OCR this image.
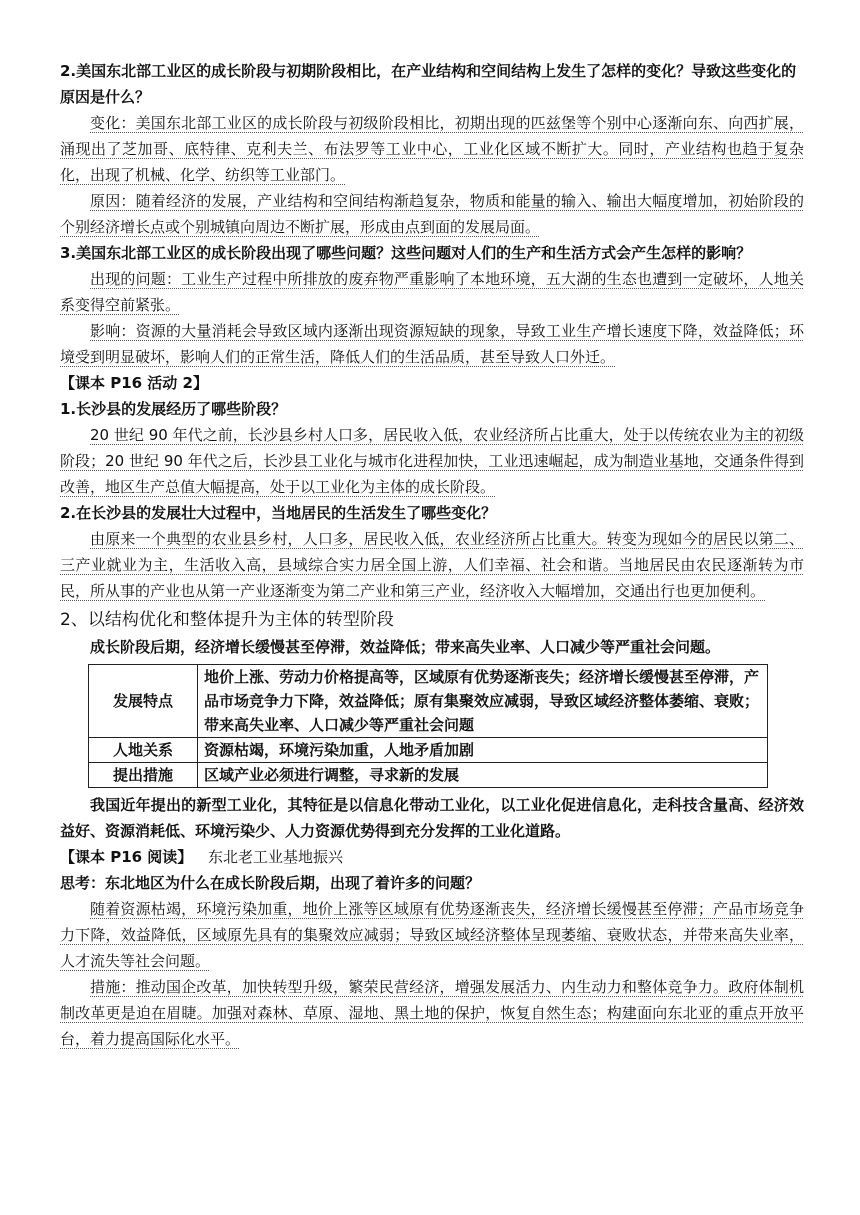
2.美国东北部工业区的成长阶段与初期阶段相比，在产业结构和空间结构上发生了怎样的变化？导致这些变化的原因是什么？

变化：美国东北部工业区的成长阶段与初级阶段相比，初期出现的匹兹堡等个别中心逐渐向东、向西扩展，涌现出了芝加哥、底特律、克利夫兰、布法罗等工业中心，工业化区域不断扩大。同时，产业结构也趋于复杂化，出现了机械、化学、纺织等工业部门。

原因：随着经济的发展，产业结构和空间结构渐趋复杂，物质和能量的输入、输出大幅度增加，初始阶段的个别经济增长点或个别城镇向周边不断扩展，形成由点到面的发展局面。

3.美国东北部工业区的成长阶段出现了哪些问题？这些问题对人们的生产和生活方式会产生怎样的影响？

出现的问题：工业生产过程中所排放的废弃物严重影响了本地环境，五大湖的生态也遭到一定破坏，人地关系变得空前紧张。

影响：资源的大量消耗会导致区域内逐渐出现资源短缺的现象，导致工业生产增长速度下降，效益降低；环境受到明显破坏，影响人们的正常生活，降低人们的生活品质，甚至导致人口外迁。

【课本 P16 活动 2】

1.长沙县的发展经历了哪些阶段？

20 世纪 90 年代之前，长沙县乡村人口多，居民收入低，农业经济所占比重大，处于以传统农业为主的初级阶段；20 世纪 90 年代之后，长沙县工业化与城市化进程加快，工业迅速崛起，成为制造业基地，交通条件得到改善，地区生产总值大幅提高，处于以工业化为主体的成长阶段。

2.在长沙县的发展壮大过程中，当地居民的生活发生了哪些变化？

由原来一个典型的农业县乡村，人口多，居民收入低，农业经济所占比重大。转变为现如今的居民以第二、三产业就业为主，生活收入高，县域综合实力居全国上游，人们幸福、社会和谐。当地居民由农民逐渐转为市民，所从事的产业也从第一产业逐渐变为第二产业和第三产业，经济收入大幅增加，交通出行也更加便利。

2、以结构优化和整体提升为主体的转型阶段

成长阶段后期，经济增长缓慢甚至停滞，效益降低；带来高失业率、人口减少等严重社会问题。

发展特点	地价上涨、劳动力价格提高等，区域原有优势逐渐丧失；经济增长缓慢甚至停滞，产品市场竞争力下降，效益降低；原有集聚效应减弱，导致区域经济整体萎缩、衰败；带来高失业率、人口减少等严重社会问题
人地关系	资源枯竭，环境污染加重，人地矛盾加剧
提出措施	区域产业必须进行调整，寻求新的发展

我国近年提出的新型工业化，其特征是以信息化带动工业化，以工业化促进信息化，走科技含量高、经济效益好、资源消耗低、环境污染少、人力资源优势得到充分发挥的工业化道路。

【课本 P16 阅读】 东北老工业基地振兴

思考：东北地区为什么在成长阶段后期，出现了着许多的问题？

随着资源枯竭，环境污染加重，地价上涨等区域原有优势逐渐丧失，经济增长缓慢甚至停滞；产品市场竞争力下降，效益降低，区域原先具有的集聚效应减弱；导致区域经济整体呈现萎缩、衰败状态，并带来高失业率，人才流失等社会问题。

措施：推动国企改革，加快转型升级，繁荣民营经济，增强发展活力、内生动力和整体竞争力。政府体制机制改革更是迫在眉睫。加强对森林、草原、湿地、黑土地的保护，恢复自然生态；构建面向东北亚的重点开放平台，着力提高国际化水平。
